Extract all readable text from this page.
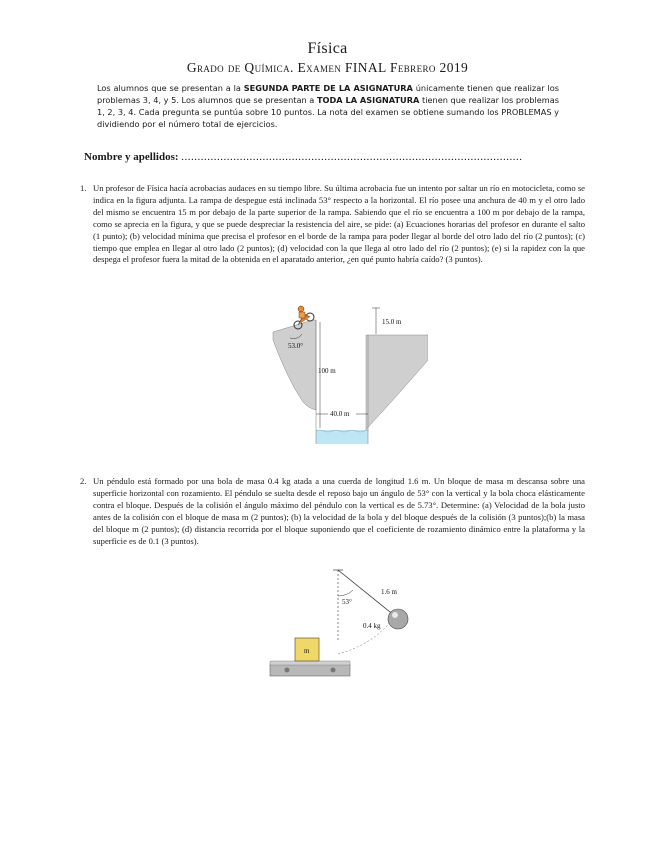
Física
Grado de Química. Examen FINAL Febrero 2019
Los alumnos que se presentan a la SEGUNDA PARTE DE LA ASIGNATURA únicamente tienen que realizar los problemas 3, 4, y 5. Los alumnos que se presentan a TODA LA ASIGNATURA tienen que realizar los problemas 1, 2, 3, 4. Cada pregunta se puntúa sobre 10 puntos. La nota del examen se obtiene sumando los PROBLEMAS y dividiendo por el número total de ejercicios.
Nombre y apellidos: .........................................................................................................
1. Un profesor de Física hacía acrobacias audaces en su tiempo libre. Su última acrobacia fue un intento por saltar un río en motocicleta, como se indica en la figura adjunta. La rampa de despegue está inclinada 53° respecto a la horizontal. El río posee una anchura de 40 m y el otro lado del mismo se encuentra 15 m por debajo de la parte superior de la rampa. Sabiendo que el río se encuentra a 100 m por debajo de la rampa, como se aprecia en la figura, y que se puede despreciar la resistencia del aire, se pide: (a) Ecuaciones horarias del profesor en durante el salto (1 punto); (b) velocidad mínima que precisa el profesor en el borde de la rampa para poder llegar al borde del otro lado del río (2 puntos); (c) tiempo que emplea en llegar al otro lado (2 puntos); (d) velocidad con la que llega al otro lado del río (2 puntos); (e) si la rapidez con la que despega el profesor fuera la mitad de la obtenida en el aparatado anterior, ¿en qué punto habría caído? (3 puntos).
53.0°
100 m
40.0 m
15.0 m
2. Un péndulo está formado por una bola de masa 0.4 kg atada a una cuerda de longitud 1.6 m. Un bloque de masa m descansa sobre una superficie horizontal con rozamiento. El péndulo se suelta desde el reposo bajo un ángulo de 53° con la vertical y la bola choca elásticamente contra el bloque. Después de la colisión el ángulo máximo del péndulo con la vertical es de 5.73°. Determine: (a) Velocidad de la bola justo antes de la colisión con el bloque de masa m (2 puntos); (b) la velocidad de la bola y del bloque después de la colisión (3 puntos);(b) la masa del bloque m (2 puntos); (d) distancia recorrida por el bloque suponiendo que el coeficiente de rozamiento dinámico entre la plataforma y la superficie es de 0.1 (3 puntos).
53°
1.6 m
0.4 kg
m
